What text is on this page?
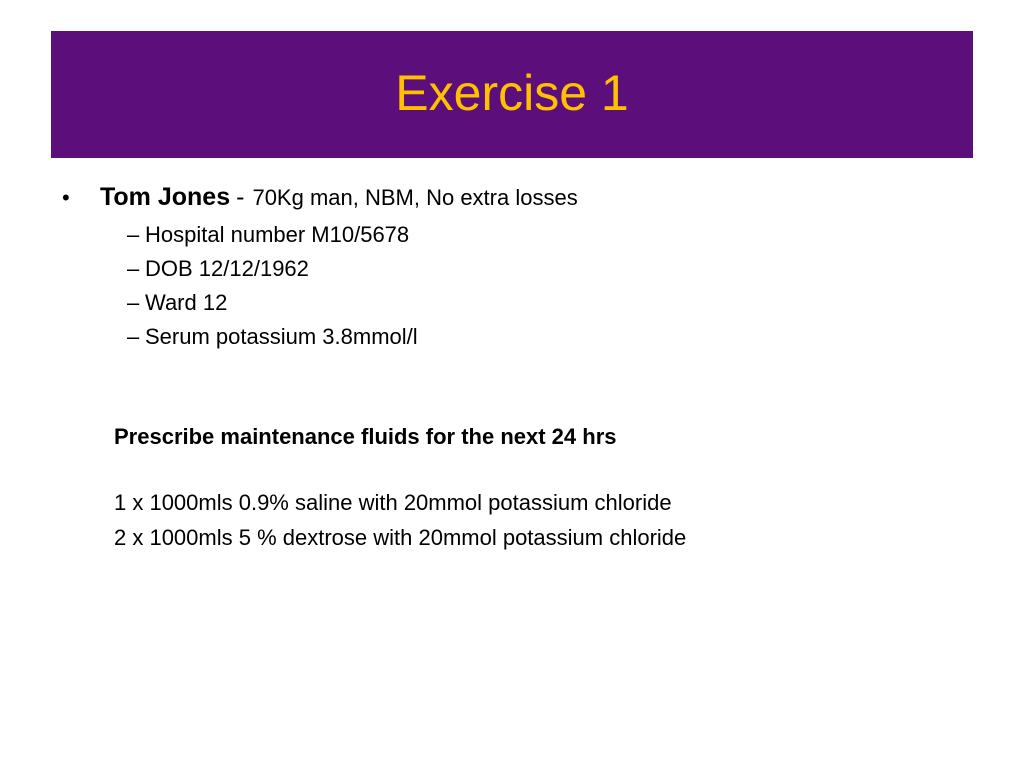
Exercise 1
•	Tom Jones - 70Kg man, NBM, No extra losses
– Hospital number M10/5678
– DOB 12/12/1962
– Ward 12
– Serum potassium 3.8mmol/l
Prescribe maintenance fluids for the next 24 hrs
1 x 1000mls 0.9% saline with 20mmol potassium chloride
2 x 1000mls 5 % dextrose with 20mmol potassium chloride
